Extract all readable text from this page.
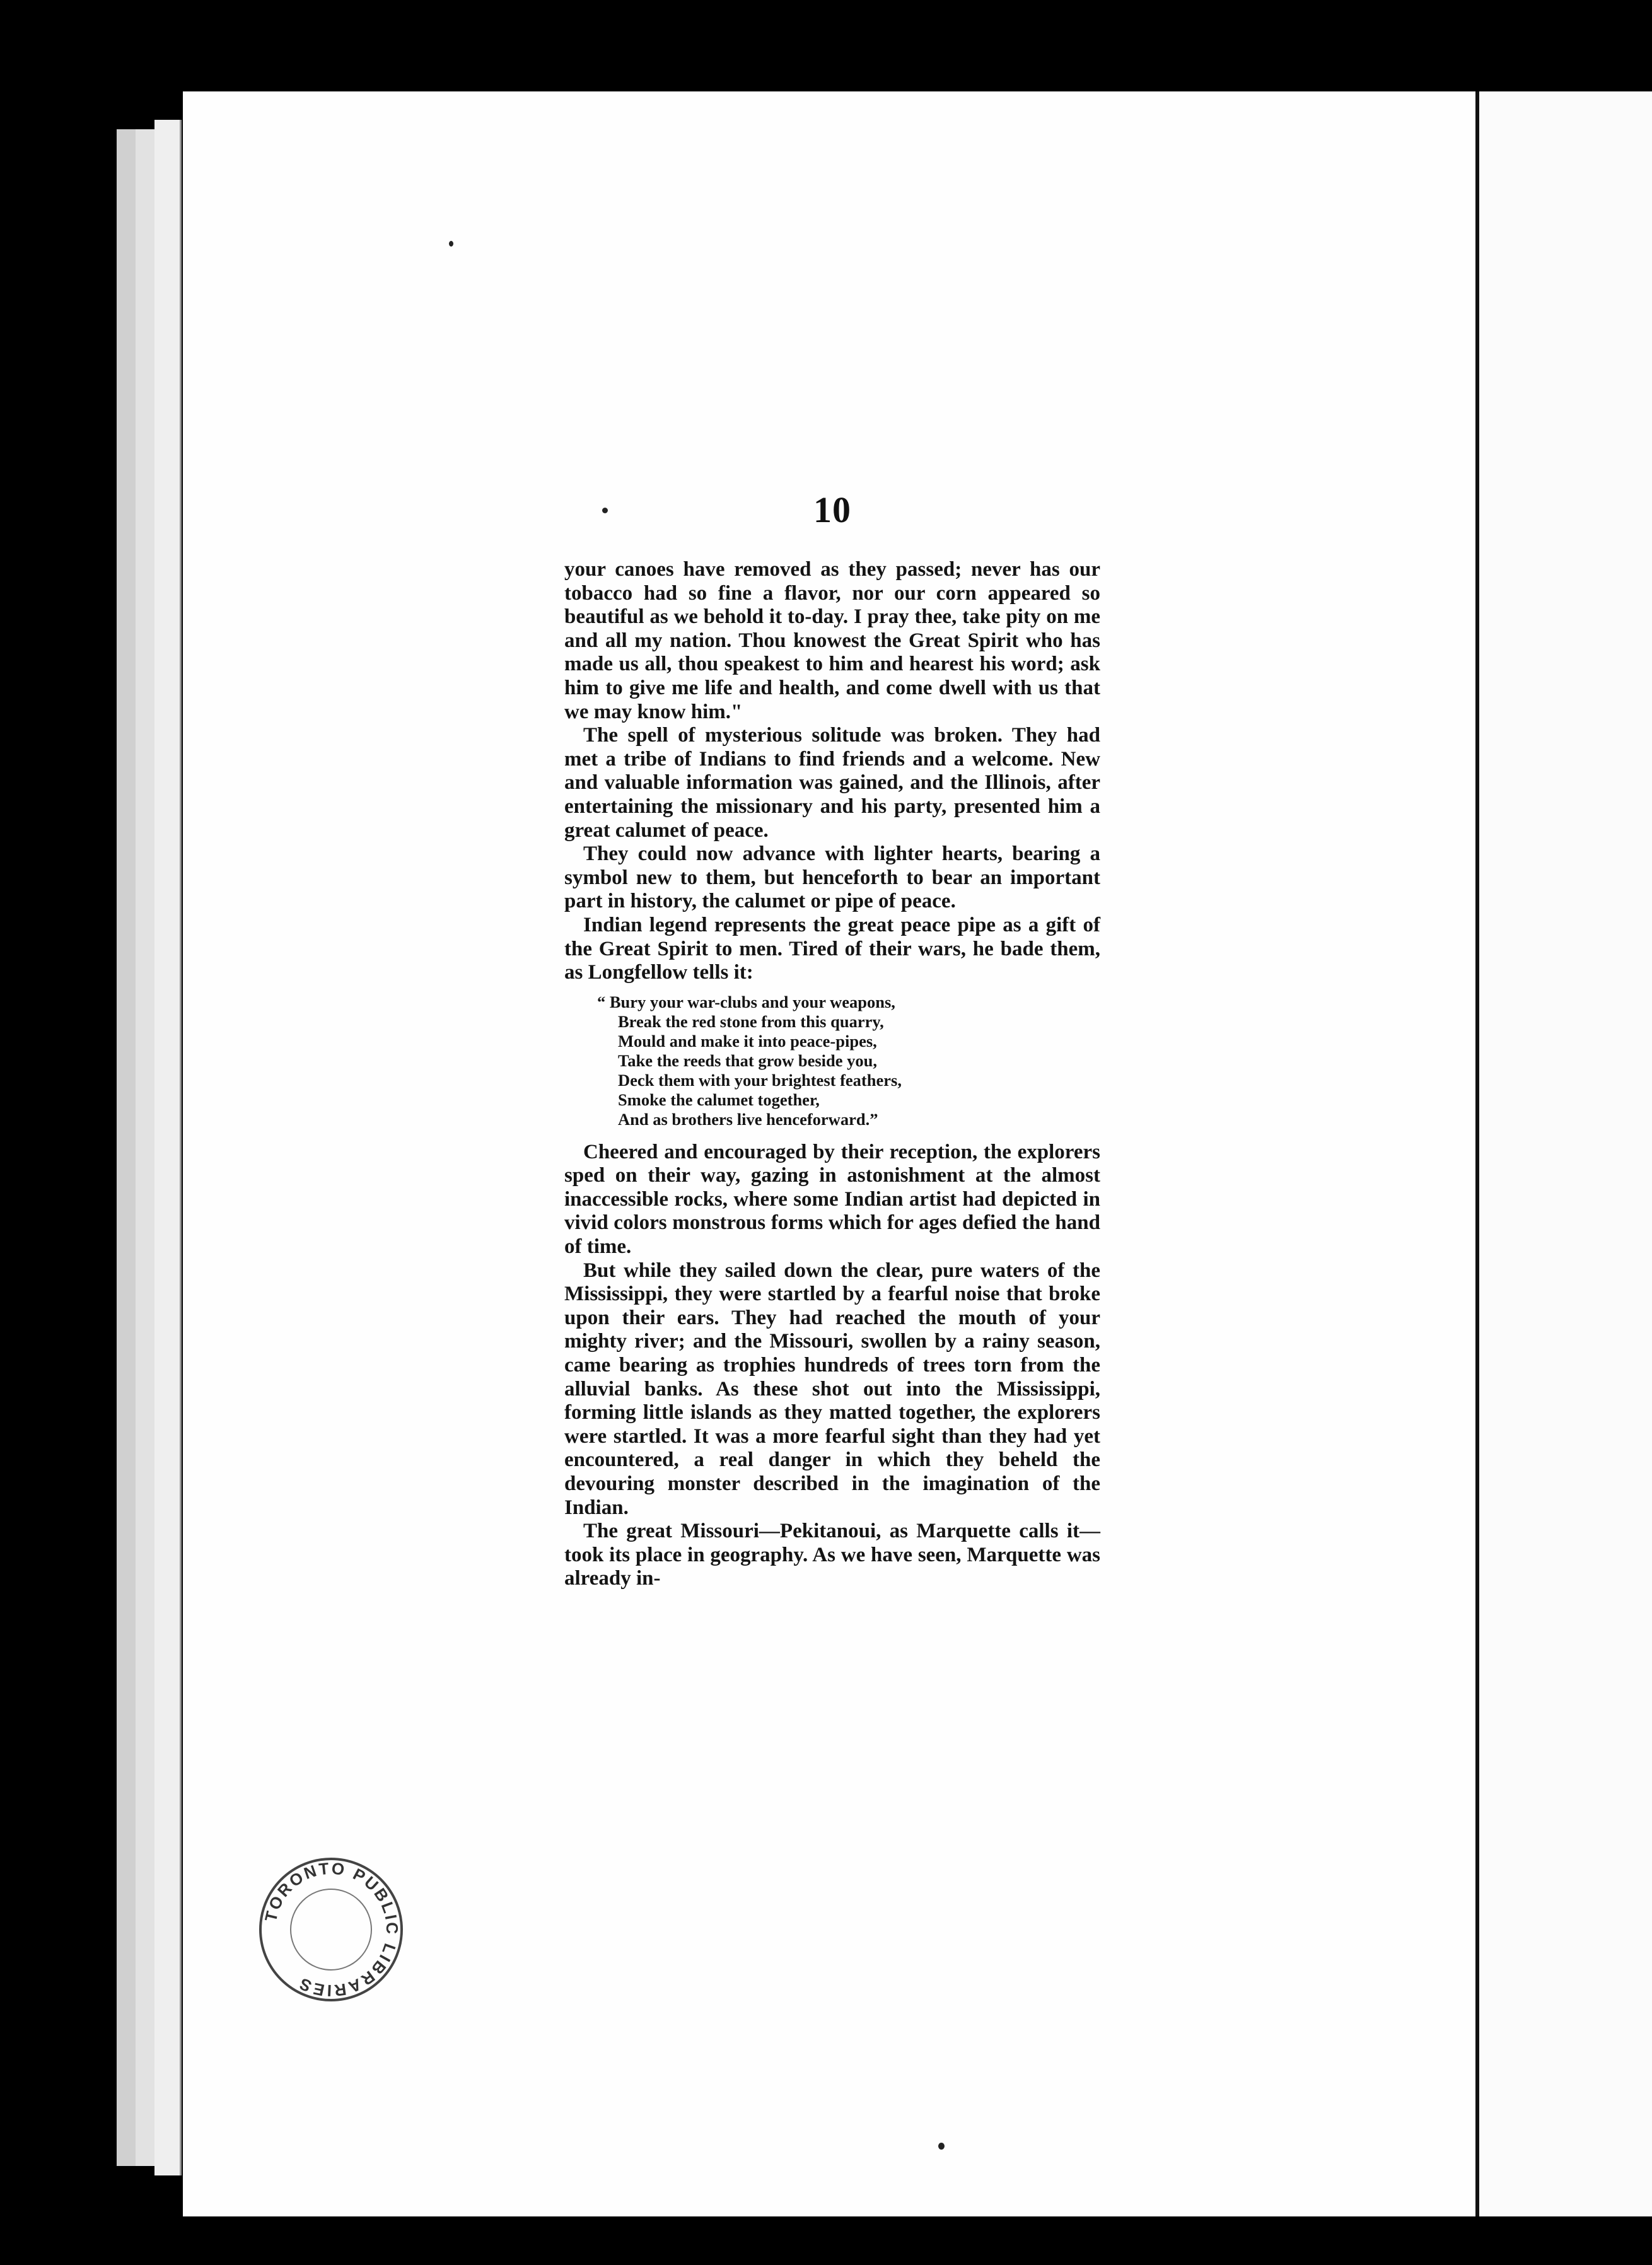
10

your canoes have removed as they passed; never has our tobacco had so fine a flavor, nor our corn appeared so beautiful as we behold it to-day. I pray thee, take pity on me and all my nation. Thou knowest the Great Spirit who has made us all, thou speakest to him and hearest his word; ask him to give me life and health, and come dwell with us that we may know him."

The spell of mysterious solitude was broken. They had met a tribe of Indians to find friends and a welcome. New and valuable information was gained, and the Illinois, after entertaining the missionary and his party, presented him a great calumet of peace.

They could now advance with lighter hearts, bearing a symbol new to them, but henceforth to bear an important part in history, the calumet or pipe of peace.

Indian legend represents the great peace pipe as a gift of the Great Spirit to men. Tired of their wars, he bade them, as Longfellow tells it:

“ Bury your war-clubs and your weapons,
Break the red stone from this quarry,
Mould and make it into peace-pipes,
Take the reeds that grow beside you,
Deck them with your brightest feathers,
Smoke the calumet together,
And as brothers live henceforward.”

Cheered and encouraged by their reception, the explorers sped on their way, gazing in astonishment at the almost inaccessible rocks, where some Indian artist had depicted in vivid colors monstrous forms which for ages defied the hand of time.

But while they sailed down the clear, pure waters of the Mississippi, they were startled by a fearful noise that broke upon their ears. They had reached the mouth of your mighty river; and the Missouri, swollen by a rainy season, came bearing as trophies hundreds of trees torn from the alluvial banks. As these shot out into the Mississippi, forming little islands as they matted together, the explorers were startled. It was a more fearful sight than they had yet encountered, a real danger in which they beheld the devouring monster described in the imagination of the Indian.

The great Missouri—Pekitanoui, as Marquette calls it—took its place in geography. As we have seen, Marquette was already in-

TORONTO PUBLIC LIBRARIES
